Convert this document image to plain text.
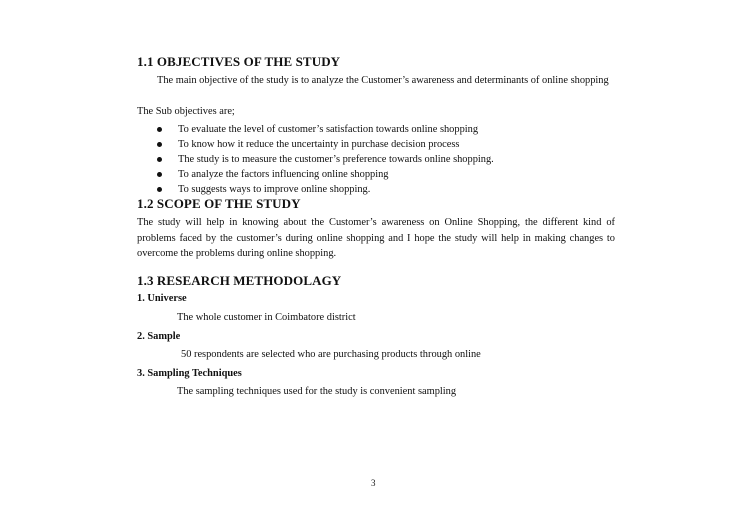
1.1 OBJECTIVES OF THE STUDY
The main objective of the study is to analyze the Customer’s awareness and determinants of online shopping
The Sub objectives are;
To evaluate the level of customer’s satisfaction towards online shopping
To know how it reduce the uncertainty in purchase decision process
The study is to measure the customer’s preference towards online shopping.
To analyze the factors influencing online shopping
To suggests ways to improve online shopping.
1.2 SCOPE OF THE STUDY
The study will help in knowing about the Customer’s awareness on Online Shopping, the different kind of problems faced by the customer’s during online shopping and I hope the study will help in making changes to overcome the problems during online shopping.
1.3 RESEARCH METHODOLAGY
1. Universe
The whole customer in Coimbatore district
2. Sample
50 respondents are selected who are purchasing products through online
3. Sampling Techniques
The sampling techniques used for the study is convenient sampling
3
